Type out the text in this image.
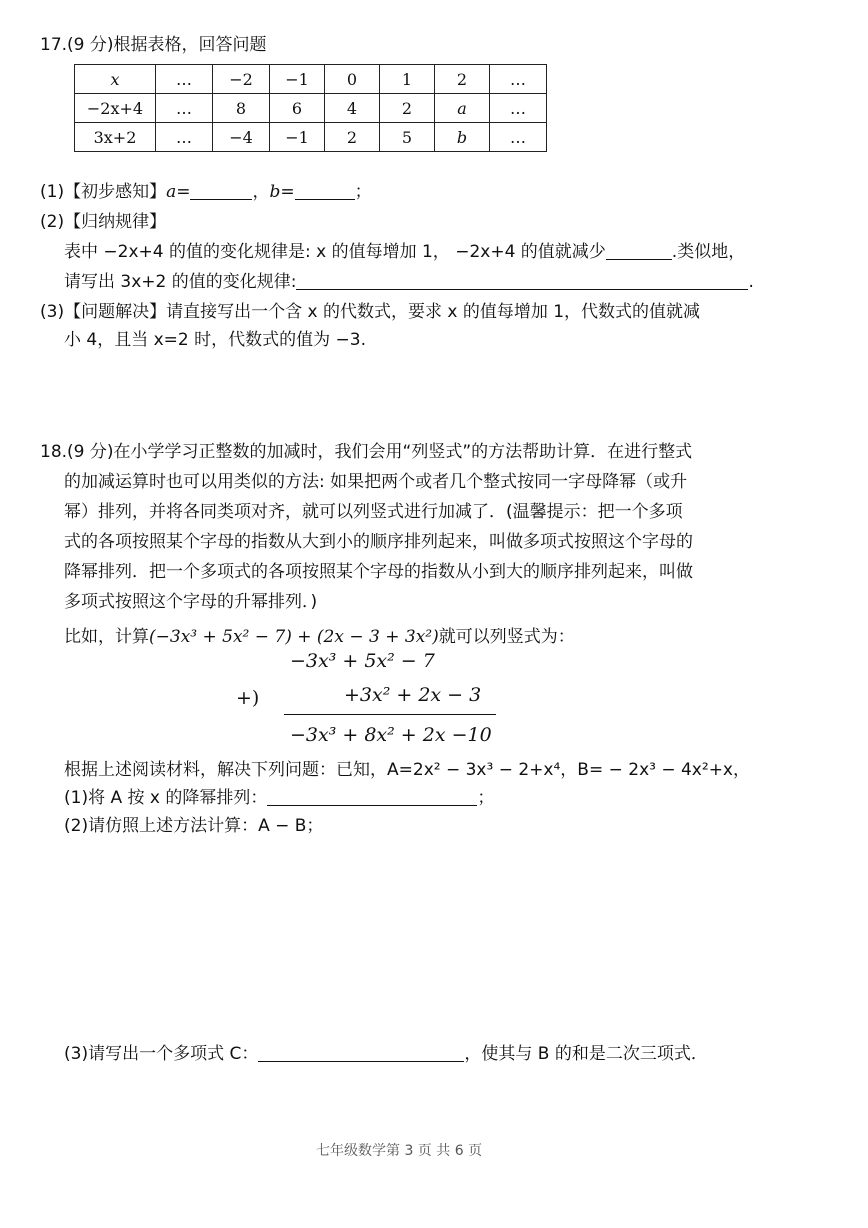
17.(9 分)根据表格，回答问题
x	…	−2	−1	0	1	2	…
−2x+4	…	8	6	4	2	a	…
3x+2	…	−4	−1	2	5	b	…
(1)【初步感知】a=	，b=	；
(2)【归纳规律】
表中 −2x+4 的值的变化规律是: x 的值每增加 1， −2x+4 的值就减少	.类似地，
请写出 3x+2 的值的变化规律:	.
(3)【问题解决】请直接写出一个含 x 的代数式，要求 x 的值每增加 1，代数式的值就减
小 4，且当 x=2 时，代数式的值为 −3.
18.(9 分)在小学学习正整数的加减时，我们会用“列竖式”的方法帮助计算．在进行整式
的加减运算时也可以用类似的方法: 如果把两个或者几个整式按同一字母降幂（或升
幂）排列，并将各同类项对齐，就可以列竖式进行加减了．(温馨提示：把一个多项
式的各项按照某个字母的指数从大到小的顺序排列起来，叫做多项式按照这个字母的
降幂排列．把一个多项式的各项按照某个字母的指数从小到大的顺序排列起来，叫做
多项式按照这个字母的升幂排列．)
比如，计算(−3x³ + 5x² − 7) + (2x − 3 + 3x²)就可以列竖式为：
−3x³ + 5x² − 7
+)	+3x² + 2x − 3
−3x³ + 8x² + 2x −10
根据上述阅读材料，解决下列问题：已知，A=2x² − 3x³ − 2+x⁴，B= − 2x³ − 4x²+x，
(1)将 A 按 x 的降幂排列：	；
(2)请仿照上述方法计算：A − B；
(3)请写出一个多项式 C：	，使其与 B 的和是二次三项式．
七年级数学第 3 页 共 6 页
